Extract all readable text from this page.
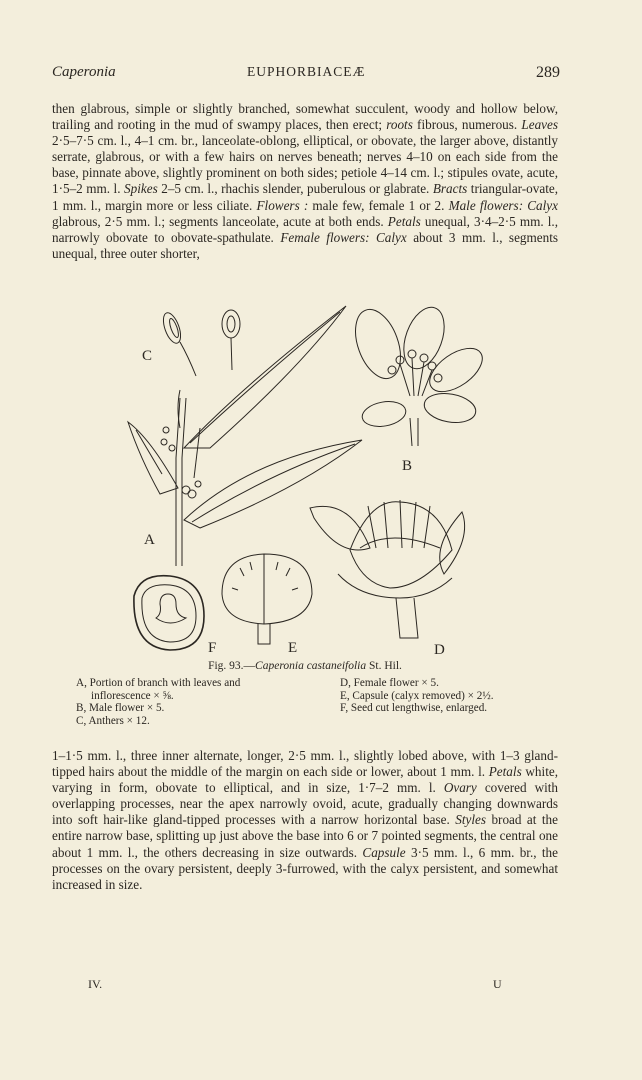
Caperonia	EUPHORBIACEÆ	289

then glabrous, simple or slightly branched, somewhat succulent, woody and hollow below, trailing and rooting in the mud of swampy places, then erect; roots fibrous, numerous. Leaves 2·5–7·5 cm. l., 4–1 cm. br., lanceolate-oblong, elliptical, or obovate, the larger above, distantly serrate, glabrous, or with a few hairs on nerves beneath; nerves 4–10 on each side from the base, pinnate above, slightly prominent on both sides; petiole 4–14 cm. l.; stipules ovate, acute, 1·5–2 mm. l. Spikes 2–5 cm. l., rhachis slender, puberulous or glabrate. Bracts triangular-ovate, 1 mm. l., margin more or less ciliate. Flowers : male few, female 1 or 2. Male flowers: Calyx glabrous, 2·5 mm. l.; segments lanceolate, acute at both ends. Petals unequal, 3·4–2·5 mm. l., narrowly obovate to obovate-spathulate. Female flowers: Calyx about 3 mm. l., segments unequal, three outer shorter,

C
A
B
F	E	D
Fig. 93.—Caperonia castaneifolia St. Hil.
A, Portion of branch with leaves and
inflorescence × ⅝.
B, Male flower × 5.
C, Anthers × 12.
D, Female flower × 5.
E, Capsule (calyx removed) × 2½.
F, Seed cut lengthwise, enlarged.

1–1·5 mm. l., three inner alternate, longer, 2·5 mm. l., slightly lobed above, with 1–3 gland-tipped hairs about the middle of the margin on each side or lower, about 1 mm. l. Petals white, varying in form, obovate to elliptical, and in size, 1·7–2 mm. l. Ovary covered with overlapping processes, near the apex narrowly ovoid, acute, gradually changing downwards into soft hair-like gland-tipped processes with a narrow horizontal base. Styles broad at the entire narrow base, splitting up just above the base into 6 or 7 pointed segments, the central one about 1 mm. l., the others decreasing in size outwards. Capsule 3·5 mm. l., 6 mm. br., the processes on the ovary persistent, deeply 3-furrowed, with the calyx persistent, and somewhat increased in size.

IV.	U
